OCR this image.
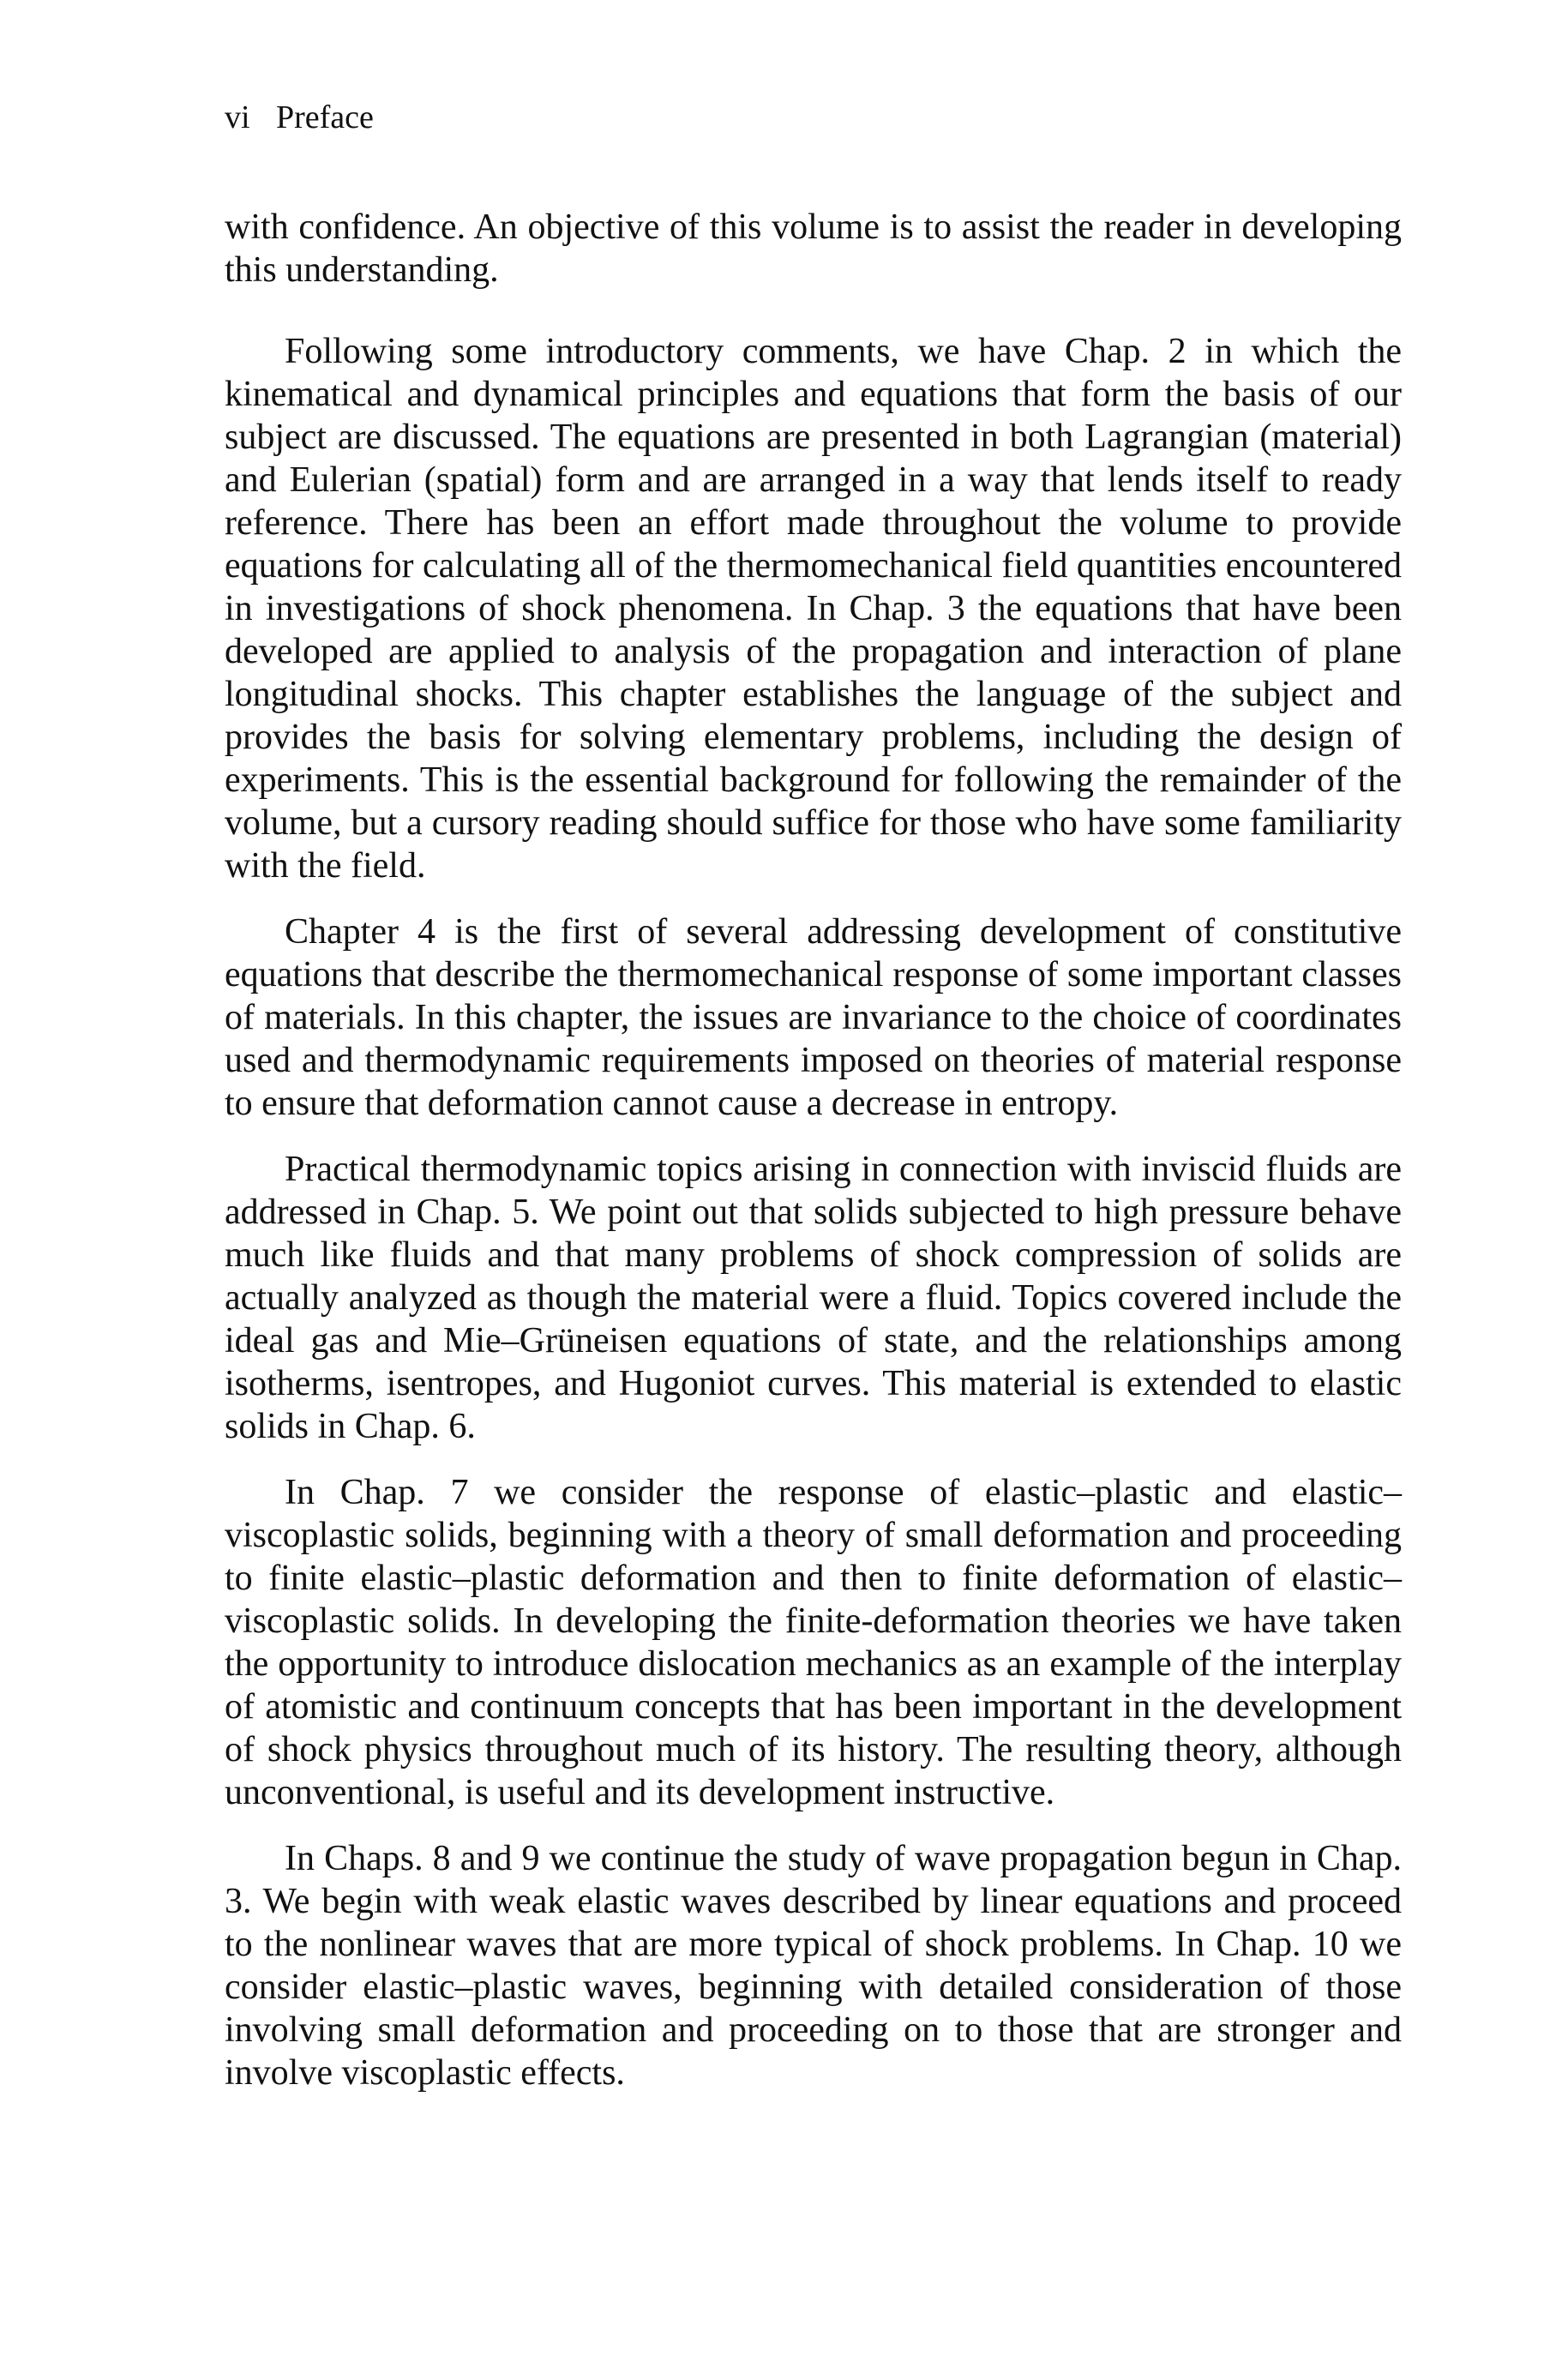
vi Preface

with confidence. An objective of this volume is to assist the reader in developing this understanding.

Following some introductory comments, we have Chap. 2 in which the kinematical and dynamical principles and equations that form the basis of our subject are discussed. The equations are presented in both Lagrangian (material) and Eulerian (spatial) form and are arranged in a way that lends itself to ready reference. There has been an effort made throughout the volume to provide equations for calculating all of the thermomechanical field quantities encountered in investigations of shock phenomena. In Chap. 3 the equations that have been developed are applied to analysis of the propagation and interaction of plane longitudinal shocks. This chapter establishes the language of the subject and provides the basis for solving elementary problems, including the design of experiments. This is the essential background for following the remainder of the volume, but a cursory reading should suffice for those who have some familiarity with the field.

Chapter 4 is the first of several addressing development of constitutive equations that describe the thermomechanical response of some important classes of materials. In this chapter, the issues are invariance to the choice of coordinates used and thermodynamic requirements imposed on theories of material response to ensure that deformation cannot cause a decrease in entropy.

Practical thermodynamic topics arising in connection with inviscid fluids are addressed in Chap. 5. We point out that solids subjected to high pressure behave much like fluids and that many problems of shock compression of solids are actually analyzed as though the material were a fluid. Topics covered include the ideal gas and Mie–Grüneisen equations of state, and the relationships among isotherms, isentropes, and Hugoniot curves. This material is extended to elastic solids in Chap. 6.

In Chap. 7 we consider the response of elastic–plastic and elastic– viscoplastic solids, beginning with a theory of small deformation and proceeding to finite elastic–plastic deformation and then to finite deformation of elastic– viscoplastic solids. In developing the finite-deformation theories we have taken the opportunity to introduce dislocation mechanics as an example of the interplay of atomistic and continuum concepts that has been important in the development of shock physics throughout much of its history. The resulting theory, although unconventional, is useful and its development instructive.

In Chaps. 8 and 9 we continue the study of wave propagation begun in Chap. 3. We begin with weak elastic waves described by linear equations and proceed to the nonlinear waves that are more typical of shock problems. In Chap. 10 we consider elastic–plastic waves, beginning with detailed consideration of those involving small deformation and proceeding on to those that are stronger and involve viscoplastic effects.
